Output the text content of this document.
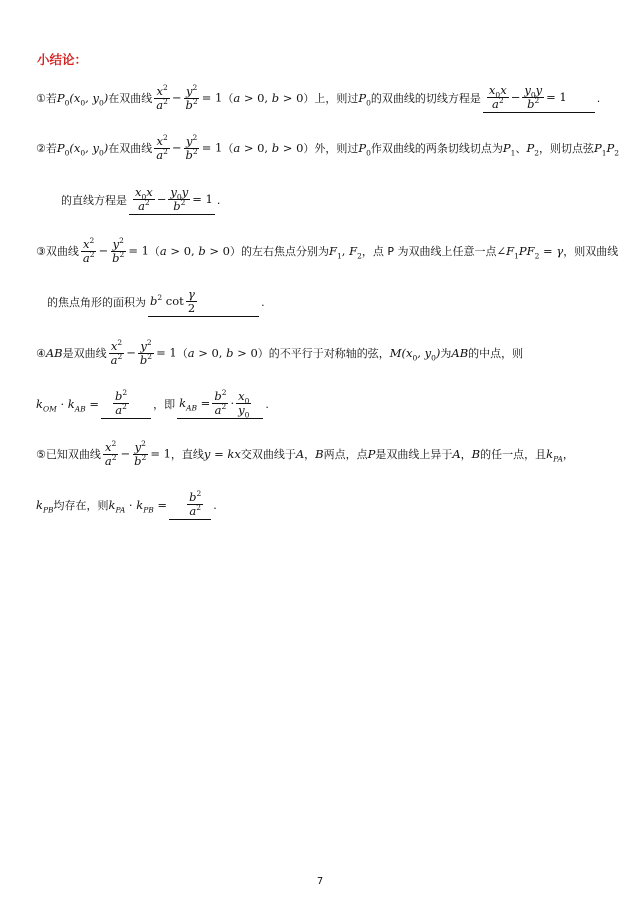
小结论：
①若 $P_0(x_0$, $y_0$) 在双曲线 $\frac{x^2}{a^2} - \frac{y^2}{b^2} = 1$ （ a > 0, b > 0 ）上，则过 $P_0$ 的双曲线的切线方程是 $\frac{x_0x}{a^2} - \frac{y_0y}{b^2} = 1$	.
②若 $P_0(x_0$, $y_0$) 在双曲线 $\frac{x^2}{a^2} - \frac{y^2}{b^2} = 1$ （ a > 0, b > 0 ）外，则过 $P_0$ 作双曲线的两条切线切点为 $P_1$ 、 $P_2$ ，则切点弦 $P_1P_2$
的直线方程是 $\frac{x_0x}{a^2} - \frac{y_0y}{b^2} = 1$ .
③双曲线 $\frac{x^2}{a^2} - \frac{y^2}{b^2} = 1$ （ a > 0, b > 0 ）的左右焦点分别为 $F_1$, $F_2$ ，点 P 为双曲线上任意一点 $\angle F_1PF_2 = \gamma$ ，则双曲线
的焦点角形的面积为 $b^2$ $\cot \frac{\gamma}{2}$	.
④ AB 是双曲线 $\frac{x^2}{a^2} - \frac{y^2}{b^2} = 1$ （ a > 0, b > 0 ）的不平行于对称轴的弦， $M(x_0$, $y_0$) 为 AB 的中点，则
$k_{OM} \cdot k_{AB} = \frac{b^2}{a^2}$ ，即 $k_{AB} = \frac{b^2}{a^2} \cdot \frac{x_0}{y_0}$ .
⑤已知双曲线 $\frac{x^2}{a^2} - \frac{y^2}{b^2} = 1$ ，直线 y = kx 交双曲线于 A ， B 两点，点 P 是双曲线上异于 A ， B 的任一点，且 $k_{PA}$ ，
$k_{PB}$ 均存在，则 $k_{PA} \cdot k_{PB} = \frac{b^2}{a^2}$ .
7
